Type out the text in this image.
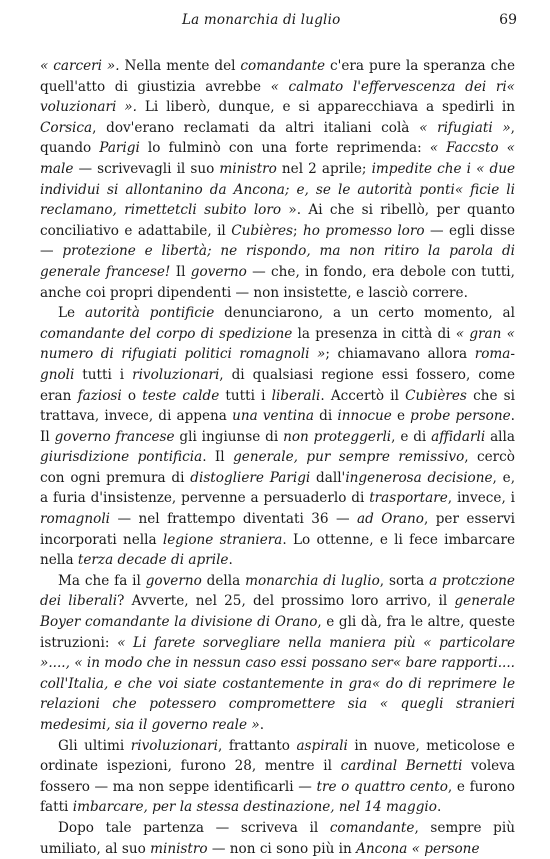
La monarchia di luglio	69

« carceri ». Nella mente del comandante c'era pure la speranza che quell'atto di giustizia avrebbe « calmato l'effervescenza dei ri« voluzionari ». Li liberò, dunque, e si apparecchiava a spedirli in Corsica, dov'erano reclamati da altri italiani colà « rifugiati », quando Parigi lo fulminò con una forte reprimenda: « Faccsto « male — scrivevagli il suo ministro nel 2 aprile; impedite che i « due individui si allontanino da Ancona; e, se le autorità ponti« ficie li reclamano, rimettetcli subito loro ». Ai che si ribellò, per quanto conciliativo e adattabile, il Cubières; ho promesso loro — egli disse — protezione e libertà; ne rispondo, ma non ritiro la parola di generale francese! Il governo — che, in fondo, era debole con tutti, anche coi propri dipendenti — non insistette, e lasciò correre.

Le autorità pontificie denunciarono, a un certo momento, al comandante del corpo di spedizione la presenza in città di « gran « numero di rifugiati politici romagnoli »; chiamavano allora romagnoli tutti i rivoluzionari, di qualsiasi regione essi fossero, come eran faziosi o teste calde tutti i liberali. Accertò il Cubières che si trattava, invece, di appena una ventina di innocue e probe persone. Il governo francese gli ingiunse di non proteggerli, e di affidarli alla giurisdizione pontificia. Il generale, pur sempre remissivo, cercò con ogni premura di distogliere Parigi dall'ingenerosa decisione, e, a furia d'insistenze, pervenne a persuaderlo di trasportare, invece, i romagnoli — nel frattempo diventati 36 — ad Orano, per esservi incorporati nella legione straniera. Lo ottenne, e li fece imbarcare nella terza decade di aprile.

Ma che fa il governo della monarchia di luglio, sorta a protczione dei liberali? Avverte, nel 25, del prossimo loro arrivo, il generale Boyer comandante la divisione di Orano, e gli dà, fra le altre, queste istruzioni: « Li farete sorvegliare nella maniera più « particolare »...., « in modo che in nessun caso essi possano ser« bare rapporti.... coll'Italia, e che voi siate costantemente in gra« do di reprimere le relazioni che potessero compromettere sia « quegli stranieri medesimi, sia il governo reale ».

Gli ultimi rivoluzionari, frattanto aspirali in nuove, meticolose e ordinate ispezioni, furono 28, mentre il cardinal Bernetti voleva fossero — ma non seppe identificarli — tre o quattro cento, e furono fatti imbarcare, per la stessa destinazione, nel 14 maggio.

Dopo tale partenza — scriveva il comandante, sempre più umiliato, al suo ministro — non ci sono più in Ancona « persone
